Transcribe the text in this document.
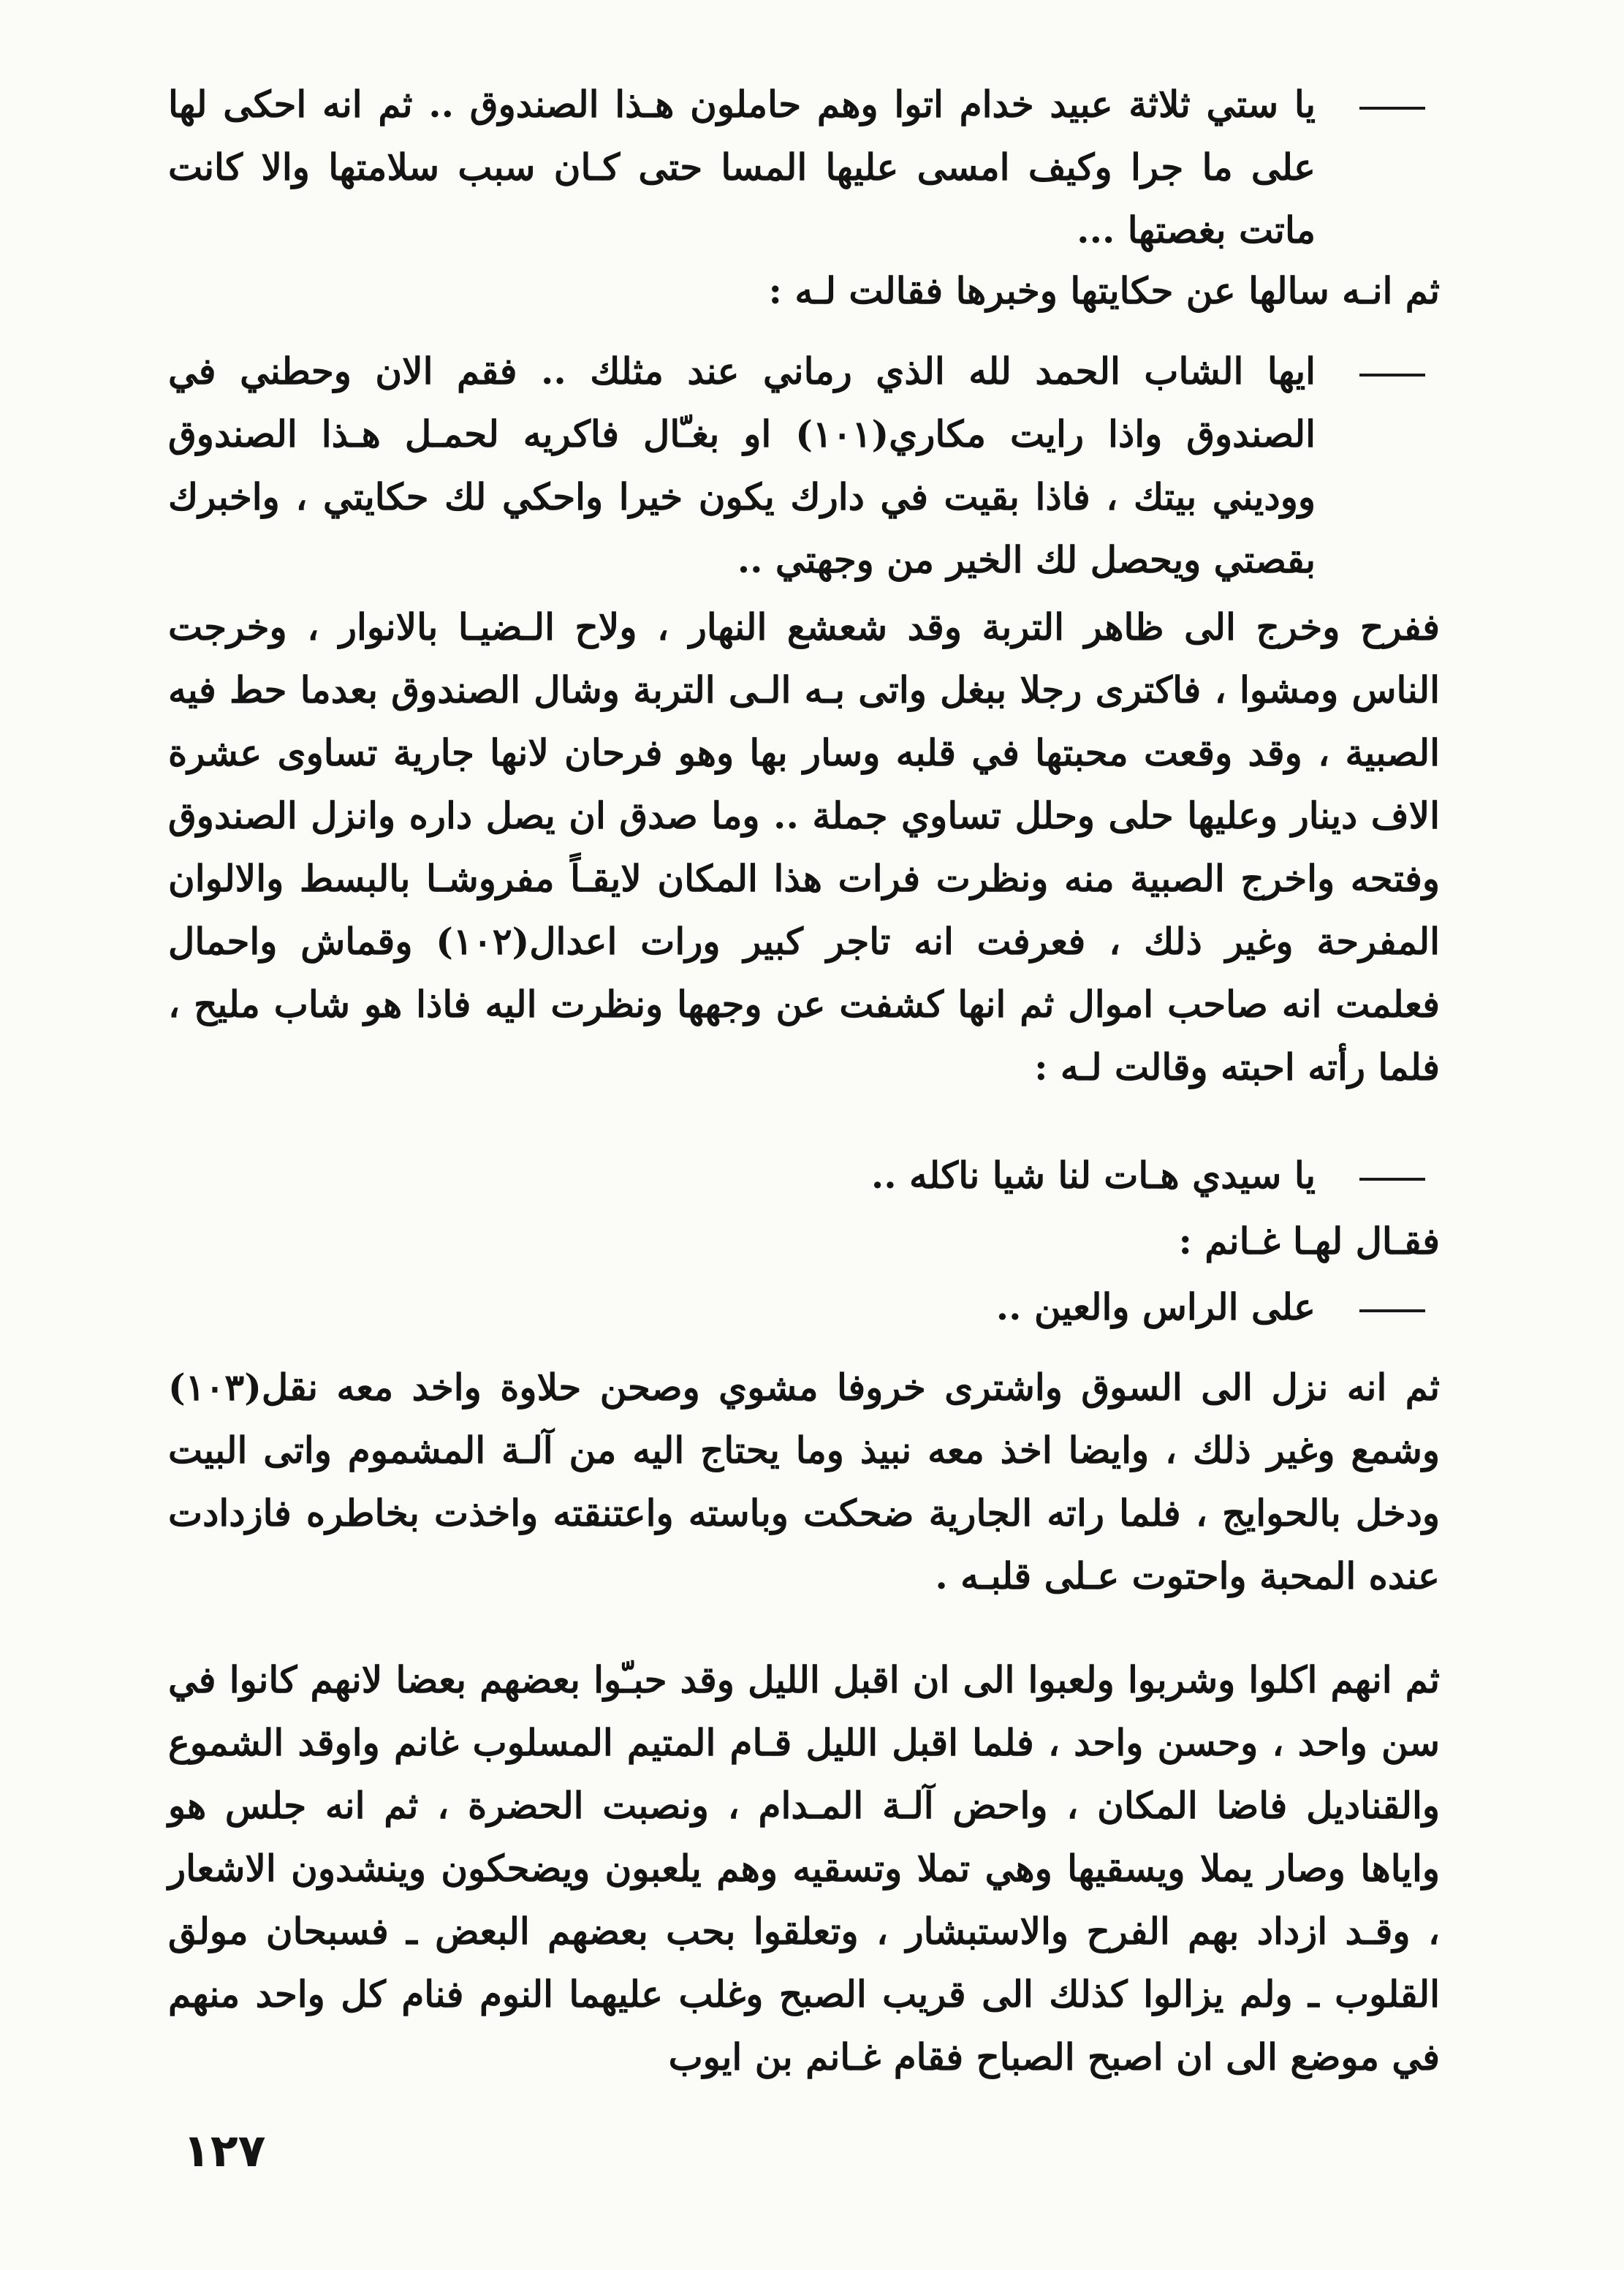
يا ستي ثلاثة عبيد خدام اتوا وهم حاملون هـذا الصندوق .. ثم انه احكى لها على ما جرا وكيف امسى عليها المسا حتى كـان سبب سلامتها والا كانت ماتت بغصتها ...

ثم انـه سالها عن حكايتها وخبرها فقالت لـه :

ايها الشاب الحمد لله الذي رماني عند مثلك .. فقم الان وحطني في الصندوق واذا رايت مكاري(١٠١) او بغـّال فاكريه لحمـل هـذا الصندوق ووديني بيتك ، فاذا بقيت في دارك يكون خيرا واحكي لك حكايتي ، واخبرك بقصتي ويحصل لك الخير من وجهتي ..

ففرح وخرج الى ظاهر التربة وقد شعشع النهار ، ولاح الـضيـا بالانوار ، وخرجت الناس ومشوا ، فاكترى رجلا ببغل واتى بـه الـى التربة وشال الصندوق بعدما حط فيه الصبية ، وقد وقعت محبتها في قلبه وسار بها وهو فرحان لانها جارية تساوى عشرة الاف دينار وعليها حلى وحلل تساوي جملة .. وما صدق ان يصل داره وانزل الصندوق وفتحه واخرج الصبية منه ونظرت فرات هذا المكان لايقـاً مفروشـا بالبسط والالوان المفرحة وغير ذلك ، فعرفت انه تاجر كبير ورات اعدال(١٠٢) وقماش واحمال فعلمت انه صاحب اموال ثم انها كشفت عن وجهها ونظرت اليه فاذا هو شاب مليح ، فلما رأته احبته وقالت لـه :

يا سيدي هـات لنا شيا ناكله ..

فقـال لهـا غـانم :

على الراس والعين ..

ثم انه نزل الى السوق واشترى خروفا مشوي وصحن حلاوة واخد معه نقل(١٠٣) وشمع وغير ذلك ، وايضا اخذ معه نبيذ وما يحتاج اليه من آلـة المشموم واتى البيت ودخل بالحوايج ، فلما راته الجارية ضحكت وباسته واعتنقته واخذت بخاطره فازدادت عنده المحبة واحتوت عـلى قلبـه .

ثم انهم اكلوا وشربوا ولعبوا الى ان اقبل الليل وقد حبـّوا بعضهم بعضا لانهم كانوا في سن واحد ، وحسن واحد ، فلما اقبل الليل قـام المتيم المسلوب غانم واوقد الشموع والقناديل فاضا المكان ، واحض آلـة المـدام ، ونصبت الحضرة ، ثم انه جلس هو واياها وصار يملا ويسقيها وهي تملا وتسقيه وهم يلعبون ويضحكون وينشدون الاشعار ، وقـد ازداد بهم الفرح والاستبشار ، وتعلقوا بحب بعضهم البعض ـ فسبحان مولق القلوب ـ ولم يزالوا كذلك الى قريب الصبح وغلب عليهما النوم فنام كل واحد منهم في موضع الى ان اصبح الصباح فقام غـانم بن ايوب

١٢٧
